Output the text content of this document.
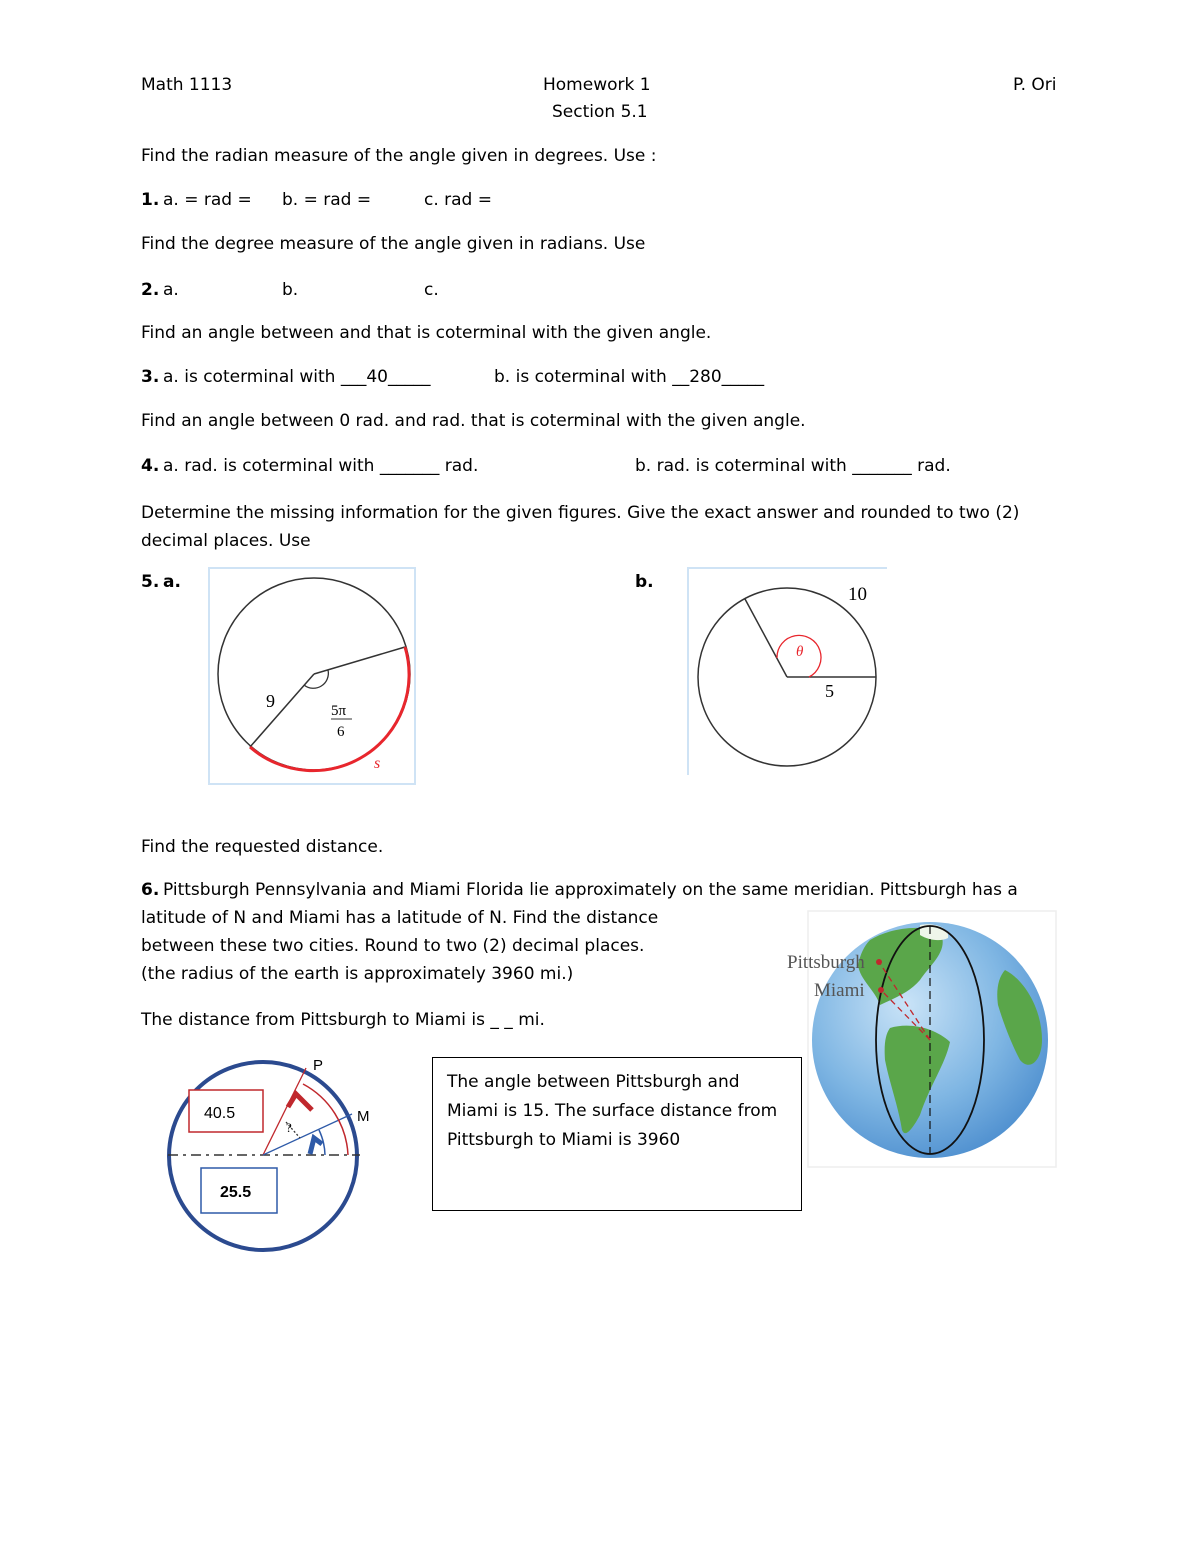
Math 1113	Homework 1	P. Ori
Section 5.1
Find the radian measure of the angle given in degrees. Use :
1. a. = rad = b. = rad =	c. rad =
Find the degree measure of the angle given in radians. Use
2. a.	b.	c.
Find an angle between and that is coterminal with the given angle.
3. a. is coterminal with ___40_____	b. is coterminal with __280_____
Find an angle between 0 rad. and rad. that is coterminal with the given angle.
4. a. rad. is coterminal with _______ rad.	b. rad. is coterminal with _______ rad.
Determine the missing information for the given figures. Give the exact answer and rounded to two (2) decimal places. Use
5. a.	b.
9	5π
6
s
10
5
θ
Find the requested distance.
6. Pittsburgh Pennsylvania and Miami Florida lie approximately on the same meridian. Pittsburgh has a
latitude of N and Miami has a latitude of N. Find the distance
between these two cities. Round to two (2) decimal places.
(the radius of the earth is approximately 3960 mi.)
The distance from Pittsburgh to Miami is _ _ mi.
?
P
M
40.5
25.5
The angle between Pittsburgh and Miami is 15. The surface distance from Pittsburgh to Miami is 3960
Pittsburgh
Miami
